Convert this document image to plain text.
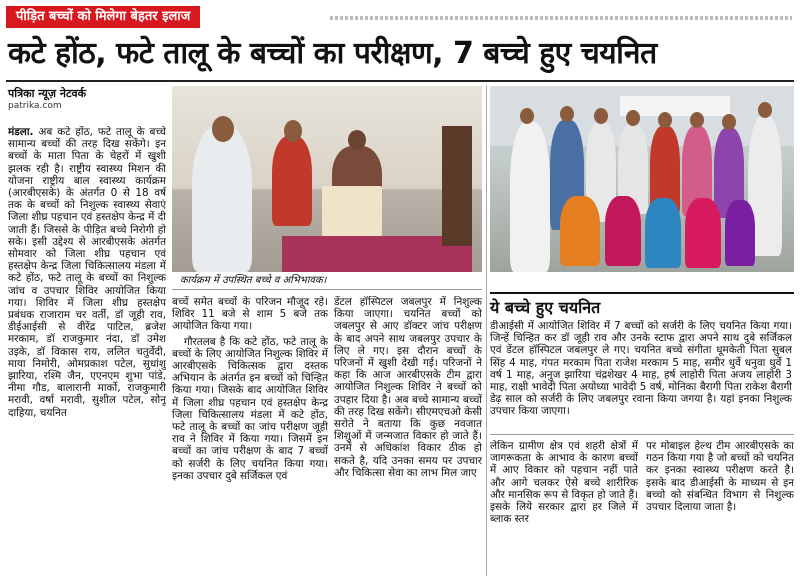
पीड़ित बच्चों को मिलेगा बेहतर इलाज
कटे होंठ, फटे तालू के बच्चों का परीक्षण, 7 बच्चे हुए चयनित
पत्रिका न्यूज़ नेटवर्क
patrika.com

मंडला. अब कटे होंठ, फटे तालू के बच्चे सामान्य बच्चों की तरह दिख सकेंगे। इन बच्चों के माता पिता के चेहरों में खुशी झलक रही है। राष्ट्रीय स्वास्थ्य मिशन की योजना राष्ट्रीय बाल स्वास्थ्य कार्यक्रम (आरबीएसके) के अंतर्गत 0 से 18 वर्ष तक के बच्चों को निशुल्क स्वास्थ्य सेवाएं जिला शीघ्र पहचान एवं हस्तक्षेप केन्द्र में दी जाती हैं। जिससे के पीड़ित बच्चे निरोगी हो सके। इसी उद्देश्य से आरबीएसके अंतर्गत सोमवार को जिला शीघ्र पहचान एवं हस्तक्षेप केन्द्र जिला चिकित्सालय मंडला में कटे होंठ, फटे तालू के बच्चों का निशुल्क जांच व उपचार शिविर आयोजित किया गया। शिविर में जिला शीघ्र हस्तक्षेप प्रबंधक राजाराम चर वर्ती, डॉ जूही राव, डीईआईसी से वीरेंद्र पाटिल, ब्रजेश मरकाम, डॉ राजकुमार नंदा, डॉ उमेश उइके, डॉ विकास राय, ललित चतुर्वेदी, माया निमोरी, ओमप्रकाश पटेल, सुधांशु झारिया, रश्मि जैन, एएनएम शुभा पांडे, नीमा गौड, बालारानी मार्को, राजकुमारी मरावी, वर्षा मरावी, सुशील पटेल, सोनू दाहिया, चयनित

कार्यक्रम में उपस्थित बच्चे व अभिभावक।

बच्चें समेत बच्चों के परिजन मौजूद रहे। शिविर 11 बजे से शाम 5 बजे तक आयोजित किया गया।

गौरतलब है कि कटे होंठ, फटे तालू के बच्चों के लिए आयोजित निशुल्क शिविर में आरबीएसके चिकित्सक द्वारा दस्तक अभियान के अंतर्गत इन बच्चों को चिन्हित किया गया। जिसके बाद आयोजित शिविर में जिला शीघ्र पहचान एवं हस्तक्षेप केन्द्र जिला चिकित्सालय मंडला में कटे होंठ, फटे तालू के बच्चों का जांच परीक्षण जूही राव ने शिविर में किया गया। जिसमें इन बच्चों का जांच परीक्षण के बाद 7 बच्चों को सर्जरी के लिए चयनित किया गया। इनका उपचार दुबे सर्जिकल एवं

डेंटल हॉस्पिटल जबलपुर में निशुल्क किया जाएगा। चयनित बच्चों को जबलपुर से आए डॉक्टर जांच परीक्षण के बाद अपने साथ जबलपुर उपचार के लिए ले गए। इस दौरान बच्चों के परिजनों में खुशी देखी गई। परिजनों ने कहा कि आज आरबीएसके टीम द्वारा आयोजित निशुल्क शिविर ने बच्चों को उपहार दिया है। अब बच्चे सामान्य बच्चों की तरह दिख सकेंगे। सीएमएचओ केसी सरोते ने बताया कि कुछ नवजात शिशुओं में जन्मजात विकार हो जाते हैं। उनमें से अधिकांश विकार ठीक हो सकते है, यदि उनका समय पर उपचार और चिकित्सा सेवा का लाभ मिल जाए

ये बच्चे हुए चयनित
डीआईसी में आयोजित शिविर में 7 बच्चों को सर्जरी के लिए चयनित किया गया। जिन्हें चिन्हित कर डॉ जूही राव और उनके स्टाफ द्वारा अपने साथ दुबे सर्जिकल एवं डेंटल हॉस्पिटल जबलपुर ले गए। चयनित बच्चे संगीता धूमकेती पिता सुबल सिंह 4 माह, गंपत मरकाम पिता राजेश मरकाम 5 माह, समीर धुर्वे धनुवा धुर्वे 1 वर्ष 1 माह, अनुज झारिया चंद्रशेखर 4 माह, हर्ष लाहोरी पिता अजय लाहोरी 3 माह, राक्षी भावेदी पिता अयोध्या भावेदी 5 वर्ष, मोनिका बैरागी पिता राकेश बैरागी डेढ़ साल को सर्जरी के लिए जबलपुर रवाना किया जगया है। यहां इनका निशुल्क उपचार किया जाएगा।

लेकिन ग्रामीण क्षेत्र एवं शहरी क्षेत्रों में जागरूकता के आभाव के कारण बच्चों में आए विकार को पहचान नहीं पाते और आगे चलकर ऐसे बच्चे शारीरिक और मानसिक रूप से विकृत हो जाते हैं। इसके लिये सरकार द्वारा हर जिले में ब्लाक स्तर

पर मोबाइल हेल्थ टीम आरबीएसके का गठन किया गया है जो बच्चों को चयनित कर इनका स्वास्थ्य परीक्षण करते है। इसके बाद डीआईसी के माध्यम से इन बच्चो को संबन्धित विभाग से निशुल्क उपचार दिलाया जाता है।
